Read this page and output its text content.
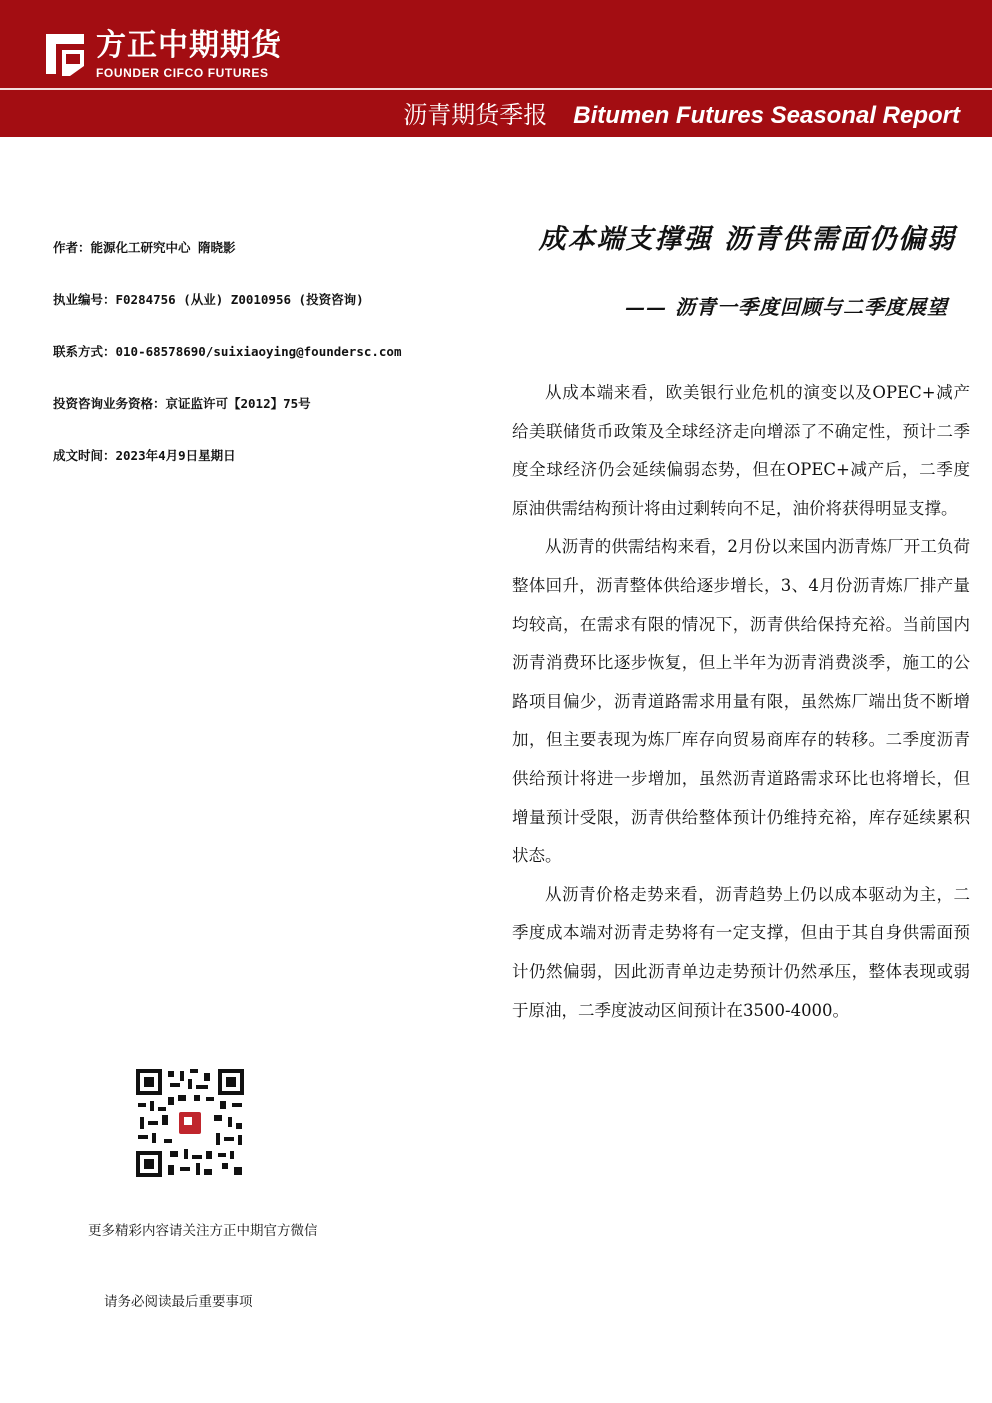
方正中期期货
FOUNDER CIFCO FUTURES
沥青期货季报 Bitumen Futures Seasonal Report
作者：能源化工研究中心 隋晓影
执业编号：F0284756 (从业) Z0010956 (投资咨询)
联系方式：010-68578690/suixiaoying@foundersc.com
投资咨询业务资格：京证监许可【2012】75号
成文时间：2023年4月9日星期日
成本端支撑强 沥青供需面仍偏弱
—— 沥青一季度回顾与二季度展望

从成本端来看，欧美银行业危机的演变以及OPEC+减产给美联储货币政策及全球经济走向增添了不确定性，预计二季度全球经济仍会延续偏弱态势，但在OPEC+减产后，二季度原油供需结构预计将由过剩转向不足，油价将获得明显支撑。

从沥青的供需结构来看，2月份以来国内沥青炼厂开工负荷整体回升，沥青整体供给逐步增长，3、4月份沥青炼厂排产量均较高，在需求有限的情况下，沥青供给保持充裕。当前国内沥青消费环比逐步恢复，但上半年为沥青消费淡季，施工的公路项目偏少，沥青道路需求用量有限，虽然炼厂端出货不断增加，但主要表现为炼厂库存向贸易商库存的转移。二季度沥青供给预计将进一步增加，虽然沥青道路需求环比也将增长，但增量预计受限，沥青供给整体预计仍维持充裕，库存延续累积状态。

从沥青价格走势来看，沥青趋势上仍以成本驱动为主，二季度成本端对沥青走势将有一定支撑，但由于其自身供需面预计仍然偏弱，因此沥青单边走势预计仍然承压，整体表现或弱于原油，二季度波动区间预计在3500-4000。

更多精彩内容请关注方正中期官方微信
请务必阅读最后重要事项
